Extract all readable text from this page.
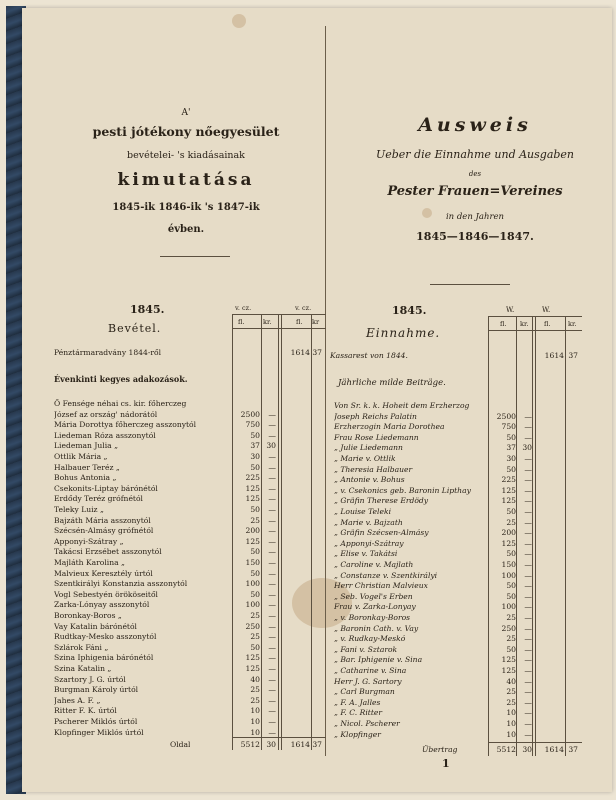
A'
pesti jótékony nőegyesület
bevételei- 's kiadásainak
kimutatása
1845-ik 1846-ik 's 1847-ik
évben.
1845.
Bevétel.
v. cz.	v. cz.
fl.	kr.	fl. kr
Pénztármaradvány 1844-ről	1614 37
Évenkinti kegyes adakozások.
Ő Fensége néhai cs. kir. főherczeg
József az ország' nádorától	2500	—
Mária Dorottya főherczeg asszonytól	750	—
Liedeman Róza asszonytól	50	—
Liedeman Julia „	37 30
Ottlik Mária „	30	—
Halbauer Teréz „	50	—
Bohus Antonia „	225	—
Csekonits-Liptay bárónétól	125	—
Erdődy Teréz grófnétól	125	—
Teleky Luiz „	50	—
Bajzáth Mária asszonytól	25	—
Szécsén-Almásy grófnétól	200	—
Apponyi-Szátray „	125	—
Takácsi Erzsébet asszonytól	50	—
Majláth Karolina „	150	—
Malvieux Keresztély úrtól	50	—
Szentkirályi Konstanzia asszonytól	100	—
Vogl Sebestyén örököseitől	50	—
Zarka-Lónyay asszonytól	100	—
Boronkay-Boros „	25	—
Vay Katalin bárónétól	250	—
Rudtkay-Mesko asszonytól	25	—
Szlárok Fáni „	50	—
Szina Iphigenia bárónétól	125	—
Szina Katalin „	125	—
Szartory J. G. úrtól	40	—
Burgman Károly úrtól	25	—
Jahes A. F. „	25	—
Ritter F. K. úrtól	10	—
Pscherer Miklós úrtól	10	—
Klopfinger Miklós úrtól	10	—
Oldal	5512 30	1614 37
Ausweis
Ueber die Einnahme und Ausgaben
des
Pester Frauen=Vereines
in den Jahren
1845—1846—1847.
1845.
Einnahme.
W.	W.
fl. kr. fl.	kr.
Kassarest von 1844.	1614 37
Jährliche milde Beiträge.
Von Sr. k. k. Hoheit dem Erzherzog
Joseph Reichs Palatin	2500	—
Erzherzogin Maria Dorothea	750	—
Frau Rose Liedemann	50	—
„ Julie Liedemann	37 30
„ Marie v. Ottlik	30	—
„ Theresia Halbauer	50	—
„ Antonie v. Bohus	225	—
„ v. Csekonics geb. Baronin Lipthay	125	—
„ Gräfin Therese Erdödy	125	—
„ Louise Teleki	50	—
„ Marie v. Bajzath	25	—
„ Gräfin Szécsen-Almásy	200	—
„ Apponyi-Szátray	125	—
„ Elise v. Takátsi	50	—
„ Caroline v. Majlath	150	—
„ Constanze v. Szentkirályi	100	—
Herr Christian Malvieux	50	—
„ Seb. Vogel's Erben	50	—
Frau v. Zarka-Lonyay	100	—
„ v. Boronkay-Boros	25	—
„ Baronin Cath. v. Vay	250	—
„ v. Rudkay-Meskó	25	—
„ Fani v. Sztarok	50	—
„ Bar. Iphigenie v. Sina	125	—
„ Catharine v. Sina	125	—
Herr J. G. Sartory	40	—
„ Carl Burgman	25	—
„ F. A. Jalles	25	—
„ F. C. Ritter	10	—
„ Nicol. Pscherer	10	—
„ Klopfinger	10	—
Übertrag	5512 30	1614 37
1
